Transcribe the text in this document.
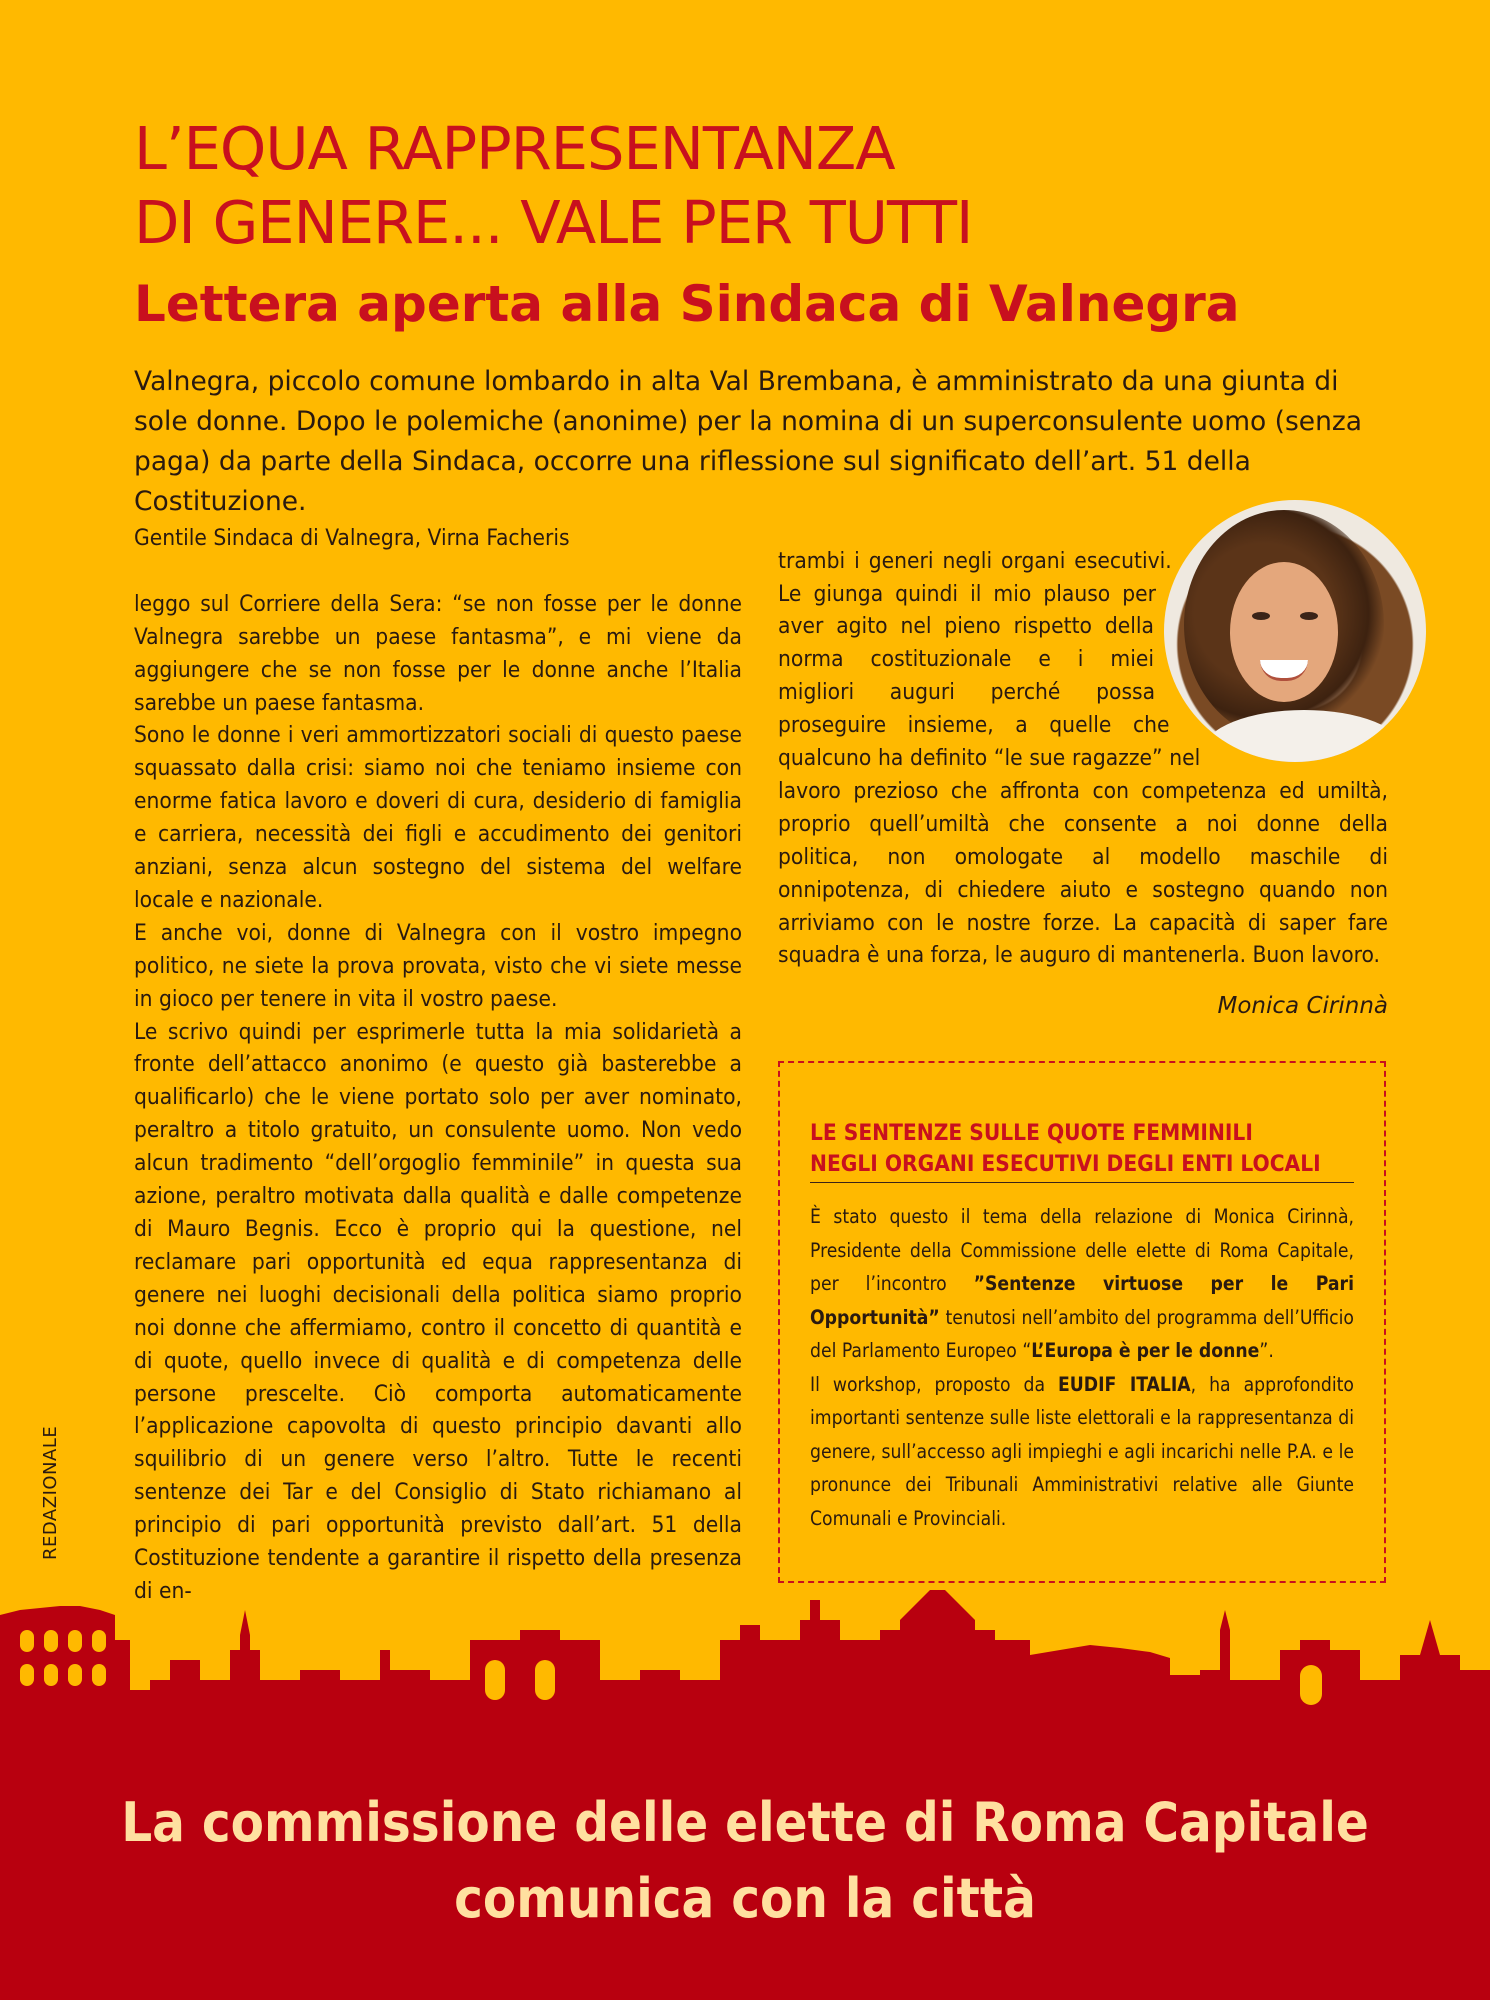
L’EQUA RAPPRESENTANZA
DI GENERE... VALE PER TUTTI
Lettera aperta alla Sindaca di Valnegra

Valnegra, piccolo comune lombardo in alta Val Brembana, è amministrato da una giunta di sole donne. Dopo le polemiche (anonime) per la nomina di un superconsulente uomo (senza paga) da parte della Sindaca, occorre una riflessione sul significato dell’art. 51 della Costituzione.

Gentile Sindaca di Valnegra, Virna Facheris

leggo sul Corriere della Sera: “se non fosse per le donne Valnegra sarebbe un paese fantasma”, e mi viene da aggiungere che se non fosse per le donne anche l’Italia sarebbe un paese fantasma.

Sono le donne i veri ammortizzatori sociali di questo paese squassato dalla crisi: siamo noi che teniamo insieme con enorme fatica lavoro e doveri di cura, desiderio di famiglia e carriera, necessità dei figli e accudimento dei genitori anziani, senza alcun sostegno del sistema del welfare locale e nazionale.

E anche voi, donne di Valnegra con il vostro impegno politico, ne siete la prova provata, visto che vi siete messe in gioco per tenere in vita il vostro paese.

Le scrivo quindi per esprimerle tutta la mia solidarietà a fronte dell’attacco anonimo (e questo già basterebbe a qualificarlo) che le viene portato solo per aver nominato, peraltro a titolo gratuito, un consulente uomo. Non vedo alcun tradimento “dell’orgoglio femminile” in questa sua azione, peraltro motivata dalla qualità e dalle competenze di Mauro Begnis. Ecco è proprio qui la questione, nel reclamare pari opportunità ed equa rappresentanza di genere nei luoghi decisionali della politica siamo proprio noi donne che affermiamo, contro il concetto di quantità e di quote, quello invece di qualità e di competenza delle persone prescelte. Ciò comporta automaticamente l’applicazione capovolta di questo principio davanti allo squilibrio di un genere verso l’altro. Tutte le recenti sentenze dei Tar e del Consiglio di Stato richiamano al principio di pari opportunità previsto dall’art. 51 della Costituzione tendente a garantire il rispetto della presenza di en-

trambi i generi negli organi esecutivi. Le giunga quindi il mio plauso per aver agito nel pieno rispetto della norma costituzionale e i miei migliori auguri perché possa proseguire insieme, a quelle che qualcuno ha definito “le sue ragazze” nel lavoro prezioso che affronta con competenza ed umiltà, proprio quell’umiltà che consente a noi donne della politica, non omologate al modello maschile di onnipotenza, di chiedere aiuto e sostegno quando non arriviamo con le nostre forze. La capacità di saper fare squadra è una forza, le auguro di mantenerla. Buon lavoro.

Monica Cirinnà
LE SENTENZE SULLE QUOTE FEMMINILI
NEGLI ORGANI ESECUTIVI DEGLI ENTI LOCALI

È stato questo il tema della relazione di Monica Cirinnà, Presidente della Commissione delle elette di Roma Capitale, per l’incontro ”Sentenze virtuose per le Pari Opportunità” tenutosi nell’ambito del programma dell’Ufficio del Parlamento Europeo “L’Europa è per le donne”.
Il workshop, proposto da EUDIF ITALIA, ha approfondito importanti sentenze sulle liste elettorali e la rappresentanza di genere, sull’accesso agli impieghi e agli incarichi nelle P.A. e le pronunce dei Tribunali Amministrativi relative alle Giunte Comunali e Provinciali.

REDAZIONALE

La commissione delle elette di Roma Capitale
comunica con la città
